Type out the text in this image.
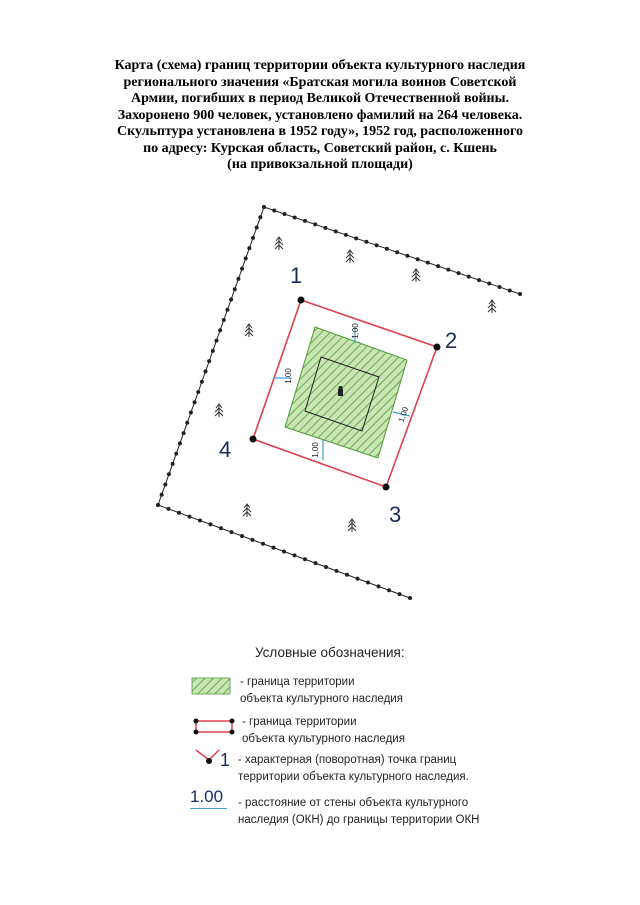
Карта (схема) границ территории объекта культурного наследия
регионального значения «Братская могила воинов Советской
Армии, погибших в период Великой Отечественной войны.
Захоронено 900 человек, установлено фамилий на 264 человека.
Скульптура установлена в 1952 году», 1952 год, расположенного
по адресу: Курская область, Советский район, с. Кшень
(на привокзальной площади)
1,00
1,00
1,00
1,00
1
2
3
4
Условные обозначения:
1
- граница территории
объекта культурного наследия
- граница территории
объекта культурного наследия
- характерная (поворотная) точка границ
территории объекта культурного наследия.
1.00 - расстояние от стены объекта культурного
наследия (ОКН) до границы территории ОКН
